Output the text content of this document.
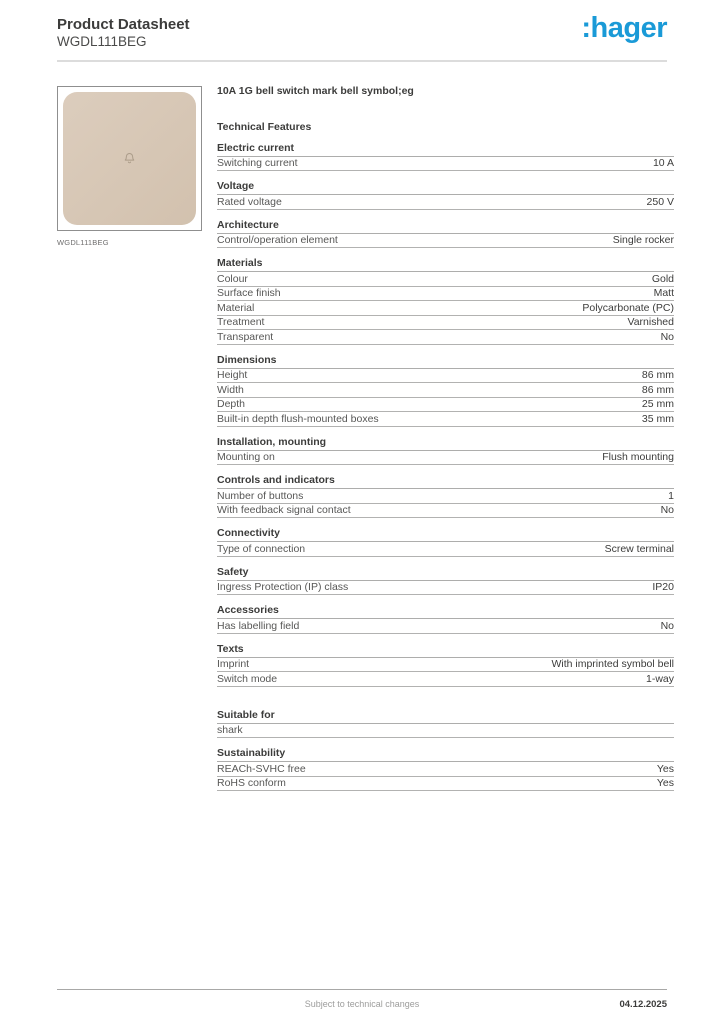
Product Datasheet
WGDL111BEG	:hager
WGDL111BEG
10A 1G bell switch mark bell symbol;eg
Technical Features
Electric current
Switching current	10 A
Voltage
Rated voltage	250 V
Architecture
Control/operation element	Single rocker
Materials
Colour	Gold
Surface finish	Matt
Material	Polycarbonate (PC)
Treatment	Varnished
Transparent	No
Dimensions
Height	86 mm
Width	86 mm
Depth	25 mm
Built-in depth flush-mounted boxes	35 mm
Installation, mounting
Mounting on	Flush mounting
Controls and indicators
Number of buttons	1
With feedback signal contact	No
Connectivity
Type of connection	Screw terminal
Safety
Ingress Protection (IP) class	IP20
Accessories
Has labelling field	No
Texts
Imprint	With imprinted symbol bell
Switch mode	1-way
Suitable for
shark
Sustainability
REACh-SVHC free	Yes
RoHS conform	Yes
Subject to technical changes	04.12.2025
